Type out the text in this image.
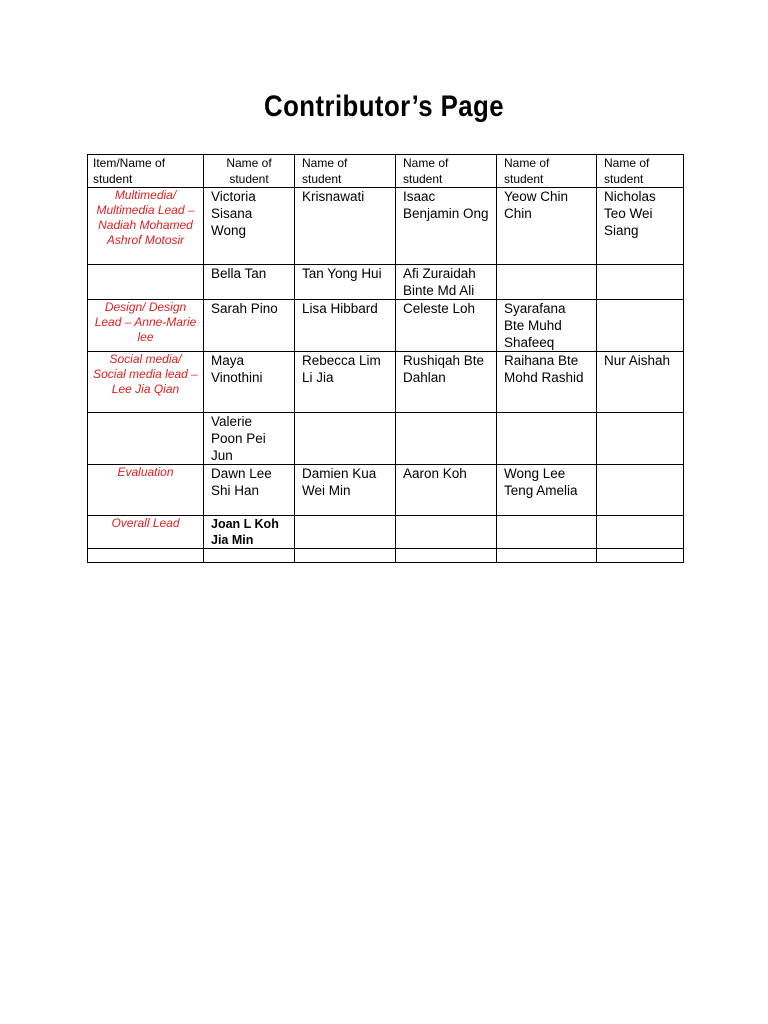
Contributor’s Page
Item/Name of student	Name of student	Name of student	Name of student	Name of student	Name of student
Multimedia/ Multimedia Lead – Nadiah Mohamed Ashrof Motosir	Victoria Sisana Wong	Krisnawati	Isaac Benjamin Ong	Yeow Chin Chin	Nicholas Teo Wei Siang
	Bella Tan	Tan Yong Hui	Afi Zuraidah Binte Md Ali		
Design/ Design Lead – Anne-Marie lee	Sarah Pino	Lisa Hibbard	Celeste Loh	Syarafana Bte Muhd Shafeeq	
Social media/ Social media lead – Lee Jia Qian	Maya Vinothini	Rebecca Lim Li Jia	Rushiqah Bte Dahlan	Raihana Bte Mohd Rashid	Nur Aishah
	Valerie Poon Pei Jun				
Evaluation	Dawn Lee Shi Han	Damien Kua Wei Min	Aaron Koh	Wong Lee Teng Amelia	
Overall Lead	Joan L Koh Jia Min				
